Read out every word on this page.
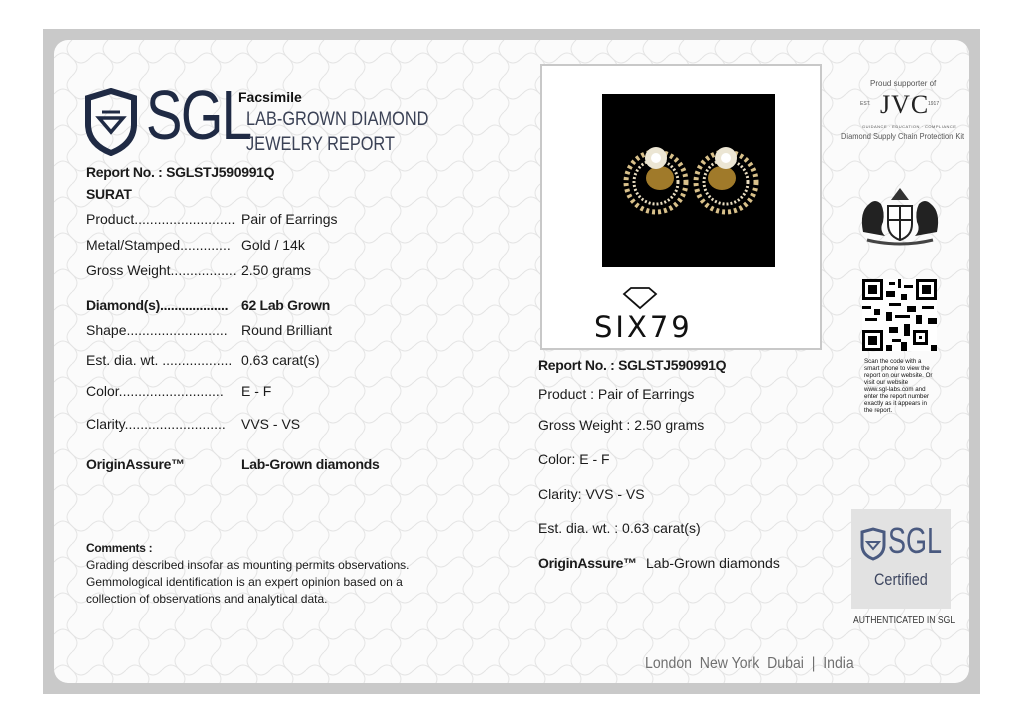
SGL
Facsimile
LAB-GROWN DIAMOND
JEWELRY REPORT
Report No. : SGLSTJ590991Q
SURAT
Product.......................... Pair of Earrings
Metal/Stamped............. Gold / 14k
Gross Weight................. 2.50 grams
Diamond(s)................... 62 Lab Grown
Shape.......................... Round Brilliant
Est. dia. wt. .................. 0.63 carat(s)
Color........................... E - F
Clarity.......................... VVS - VS
OriginAssure™	Lab-Grown diamonds
Comments :
Grading described insofar as mounting permits observations.
Gemmological identification is an expert opinion based on a
collection of observations and analytical data.
SIX79
Report No. : SGLSTJ590991Q
Product : Pair of Earrings
Gross Weight : 2.50 grams
Color: E - F
Clarity: VVS - VS
Est. dia. wt. : 0.63 carat(s)
OriginAssure™ Lab-Grown diamonds
Proud supporter of
EST. JVC
1917
GUIDANCE · EDUCATION · COMPLIANCE
Diamond Supply Chain Protection Kit
Scan the code with a smart phone to view the report on our website. Or visit our website www.sgl-labs.com and enter the report number exactly as it appears in the report.
SGL
Certified
AUTHENTICATED IN SGL
London  New York  Dubai  |  India
